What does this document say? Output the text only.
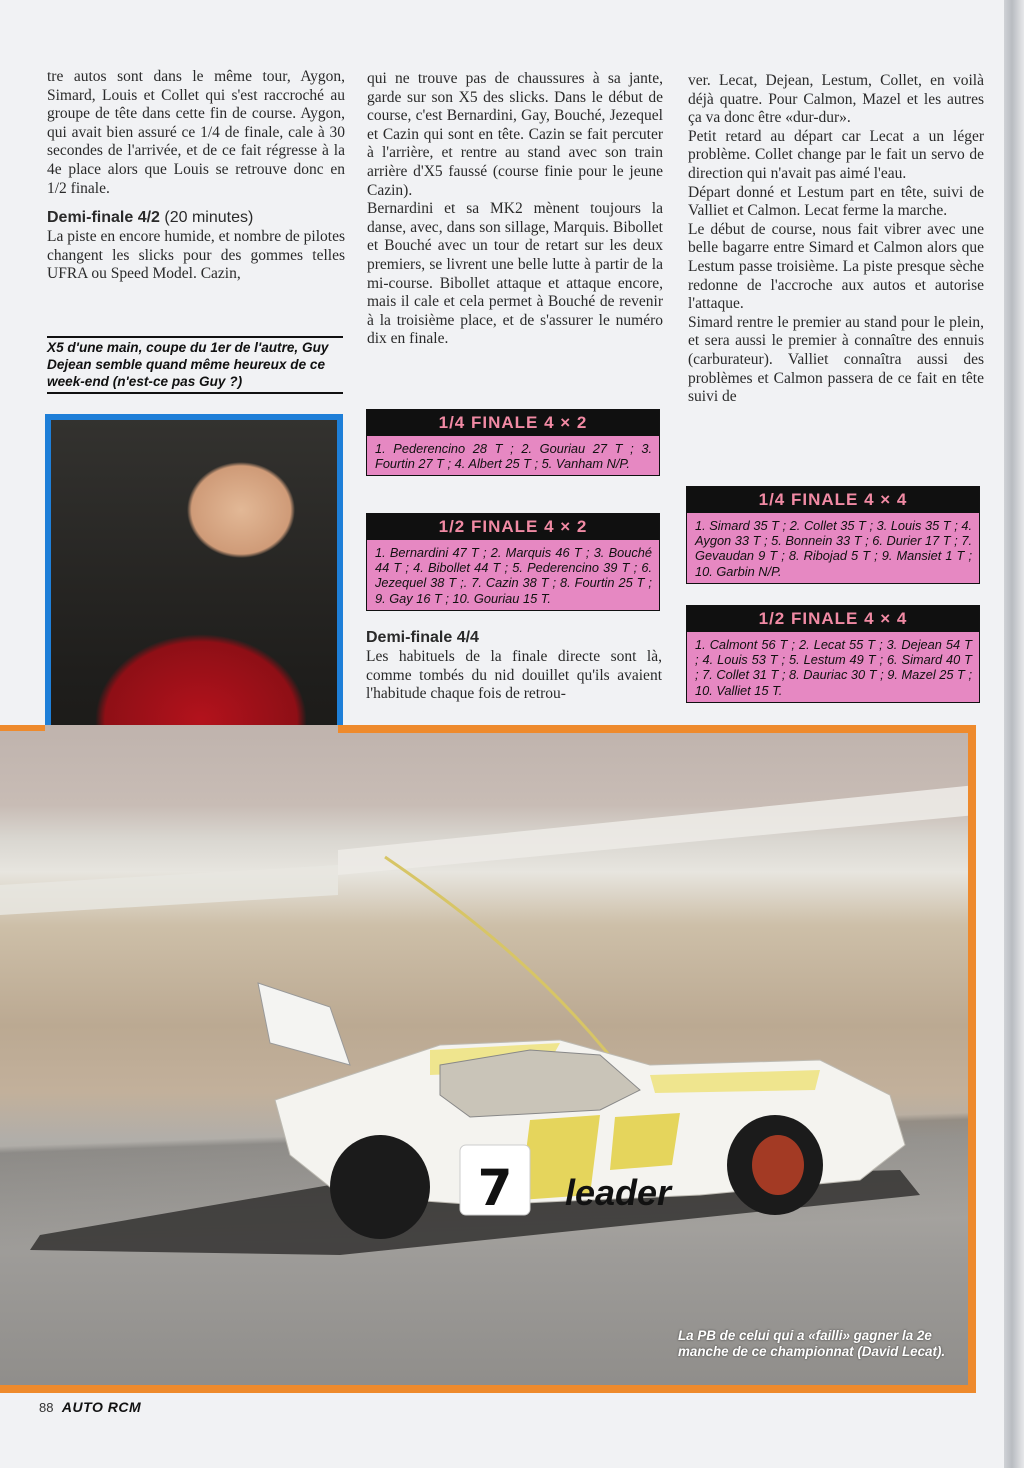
tre autos sont dans le même tour, Aygon, Simard, Louis et Collet qui s'est raccroché au groupe de tête dans cette fin de course. Aygon, qui avait bien assuré ce 1/4 de finale, cale à 30 secondes de l'arrivée, et de ce fait régresse à la 4e place alors que Louis se retrouve donc en 1/2 finale.

Demi-finale 4/2 (20 minutes)

La piste en encore humide, et nombre de pilotes changent les slicks pour des gommes telles UFRA ou Speed Model. Cazin,

X5 d'une main, coupe du 1er de l'autre, Guy Dejean semble quand même heureux de ce week-end (n'est-ce pas Guy ?)

qui ne trouve pas de chaussures à sa jante, garde sur son X5 des slicks. Dans le début de course, c'est Bernardini, Gay, Bouché, Jezequel et Cazin qui sont en tête. Cazin se fait percuter à l'arrière, et rentre au stand avec son train arrière d'X5 faussé (course finie pour le jeune Cazin).

Bernardini et sa MK2 mènent toujours la danse, avec, dans son sillage, Marquis. Bibollet et Bouché avec un tour de retart sur les deux premiers, se livrent une belle lutte à partir de la mi-course. Bibollet attaque et attaque encore, mais il cale et cela permet à Bouché de revenir à la troisième place, et de s'assurer le numéro dix en finale.

1/4 FINALE 4 × 2
1. Pederencino 28 T ; 2. Gouriau 27 T ; 3. Fourtin 27 T ; 4. Albert 25 T ; 5. Vanham N/P.
1/2 FINALE 4 × 2
1. Bernardini 47 T ; 2. Marquis 46 T ; 3. Bouché 44 T ; 4. Bibollet 44 T ; 5. Pederencino 39 T ; 6. Jezequel 38 T ;. 7. Cazin 38 T ; 8. Fourtin 25 T ; 9. Gay 16 T ; 10. Gouriau 15 T.
Demi-finale 4/4

Les habituels de la finale directe sont là, comme tombés du nid douillet qu'ils avaient l'habitude chaque fois de retrou-

ver. Lecat, Dejean, Lestum, Collet, en voilà déjà quatre. Pour Calmon, Mazel et les autres ça va donc être «dur-dur».

Petit retard au départ car Lecat a un léger problème. Collet change par le fait un servo de direction qui n'avait pas aimé l'eau.

Départ donné et Lestum part en tête, suivi de Valliet et Calmon. Lecat ferme la marche.

Le début de course, nous fait vibrer avec une belle bagarre entre Simard et Calmon alors que Lestum passe troisième. La piste presque sèche redonne de l'accroche aux autos et autorise l'attaque.

Simard rentre le premier au stand pour le plein, et sera aussi le premier à connaître des ennuis (carburateur). Valliet connaîtra aussi des problèmes et Calmon passera de ce fait en tête suivi de

1/4 FINALE 4 × 4
1. Simard 35 T ; 2. Collet 35 T ; 3. Louis 35 T ; 4. Aygon 33 T ; 5. Bonnein 33 T ; 6. Durier 17 T ; 7. Gevaudan 9 T ; 8. Ribojad 5 T ; 9. Mansiet 1 T ; 10. Garbin N/P.
1/2 FINALE 4 × 4
1. Calmont 56 T ; 2. Lecat 55 T ; 3. Dejean 54 T ; 4. Louis 53 T ; 5. Lestum 49 T ; 6. Simard 40 T ; 7. Collet 31 T ; 8. Dauriac 30 T ; 9. Mazel 25 T ; 10. Valliet 15 T.
7 leader
La PB de celui qui a «failli» gagner la 2e manche de ce championnat (David Lecat).
88 AUTO RCM
